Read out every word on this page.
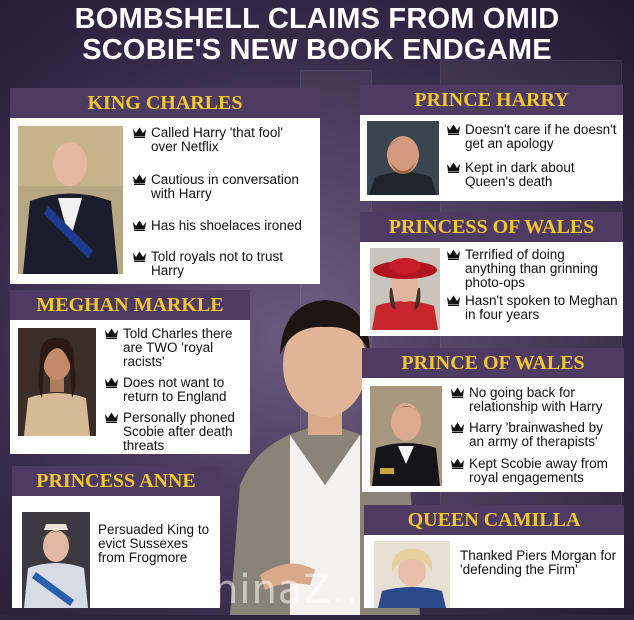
BOMBSHELL CLAIMS FROM OMID
SCOBIE'S NEW BOOK ENDGAME
KING CHARLES
Called Harry 'that fool' over Netflix
Cautious in conversation with Harry
Has his shoelaces ironed
Told royals not to trust Harry
PRINCE HARRY
Doesn't care if he doesn't get an apology
Kept in dark about Queen's death
PRINCESS OF WALES
Terrified of doing anything than grinning photo-ops
Hasn't spoken to Meghan in four years
MEGHAN MARKLE
Told Charles there are TWO 'royal racists'
Does not want to return to England
Personally phoned Scobie after death threats
PRINCE OF WALES
No going back for relationship with Harry
Harry 'brainwashed by an army of therapists'
Kept Scobie away from royal engagements
PRINCESS ANNE
Persuaded King to evict Sussexes from Frogmore
QUEEN CAMILLA
Thanked Piers Morgan for 'defending the Firm'
chinaZ..
